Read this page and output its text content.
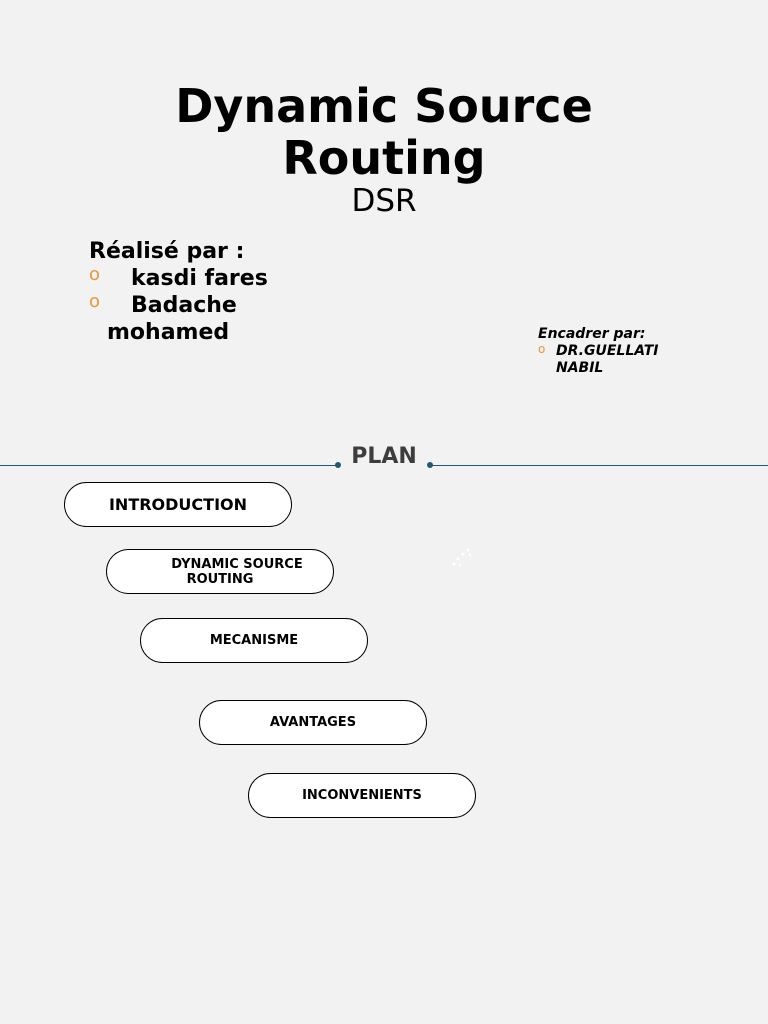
Dynamic Source
Routing
DSR
Réalisé par :
o kasdi fares
o Badache
mohamed	Encadrer par:
o DR.GUELLATI
NABIL
PLAN
INTRODUCTION
DYNAMIC SOURCE
ROUTING
MECANISME
AVANTAGES
INCONVENIENTS
